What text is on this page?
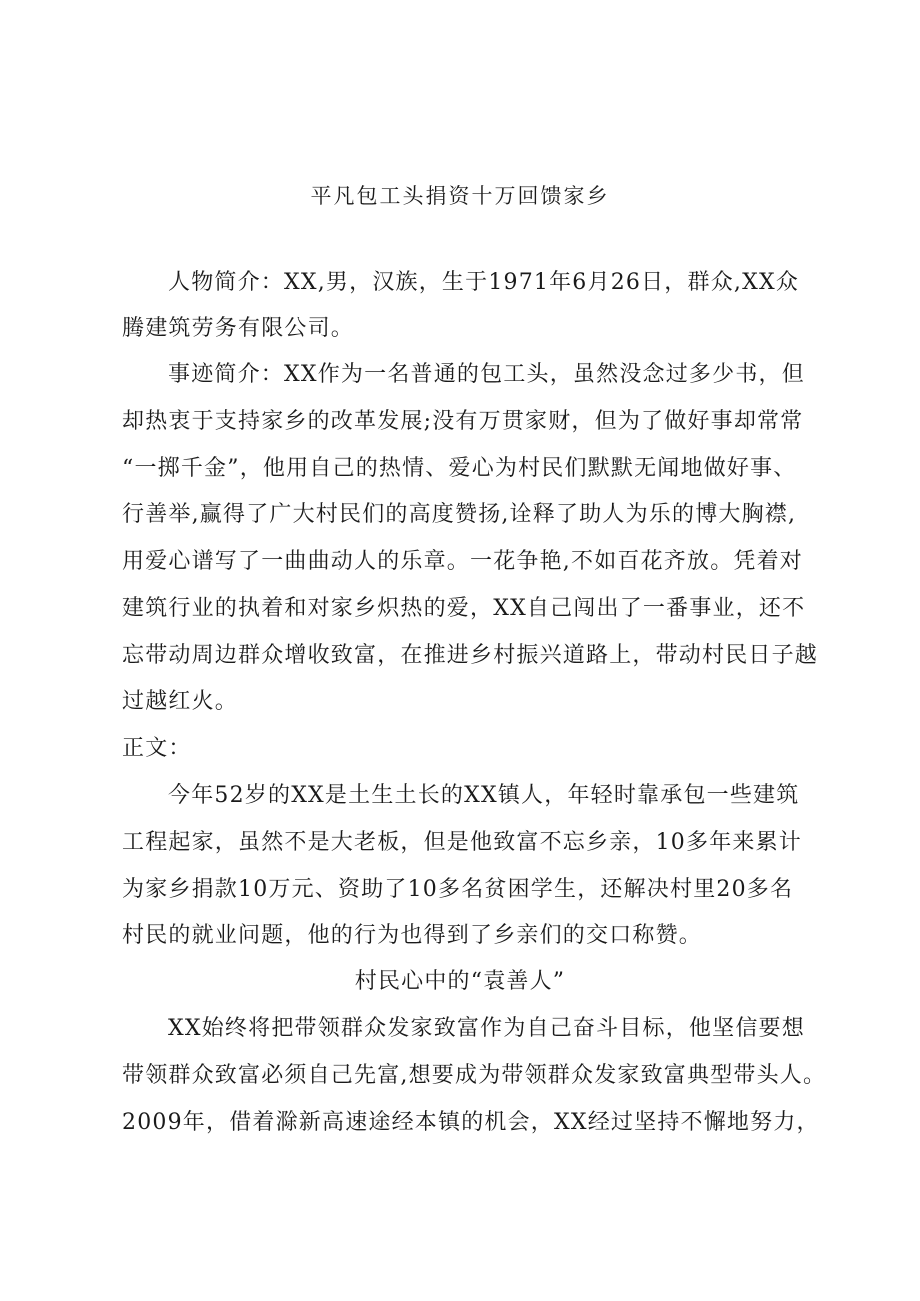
平凡包工头捐资十万回馈家乡
人物简介：XX,男，汉族，生于1971年6月26日，群众,XX众
腾建筑劳务有限公司。
事迹简介：XX作为一名普通的包工头，虽然没念过多少书，但
却热衷于支持家乡的改革发展;没有万贯家财，但为了做好事却常常
“一掷千金”，他用自己的热情、爱心为村民们默默无闻地做好事、
行善举,赢得了广大村民们的高度赞扬,诠释了助人为乐的博大胸襟,
用爱心谱写了一曲曲动人的乐章。一花争艳,不如百花齐放。凭着对
建筑行业的执着和对家乡炽热的爱，XX自己闯出了一番事业，还不
忘带动周边群众增收致富，在推进乡村振兴道路上，带动村民日子越
过越红火。
正文：
今年52岁的XX是土生土长的XX镇人，年轻时靠承包一些建筑
工程起家，虽然不是大老板，但是他致富不忘乡亲，10多年来累计
为家乡捐款10万元、资助了10多名贫困学生，还解决村里20多名
村民的就业问题，他的行为也得到了乡亲们的交口称赞。
村民心中的“袁善人”
XX始终将把带领群众发家致富作为自己奋斗目标，他坚信要想
带领群众致富必须自己先富,想要成为带领群众发家致富典型带头人。
2009年，借着滁新高速途经本镇的机会，XX经过坚持不懈地努力，
